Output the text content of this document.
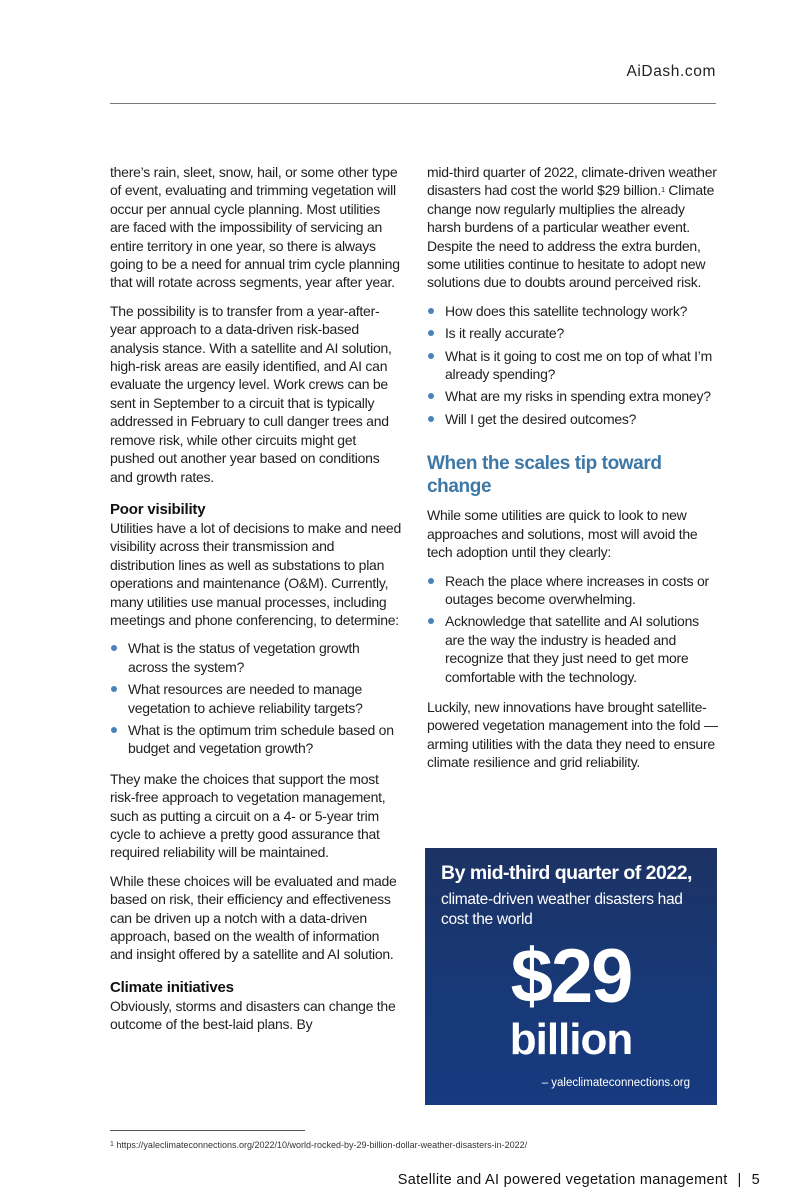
AiDash.com

there’s rain, sleet, snow, hail, or some other type of event, evaluating and trimming vegetation will occur per annual cycle planning. Most utilities are faced with the impossibility of servicing an entire territory in one year, so there is always going to be a need for annual trim cycle planning that will rotate across segments, year after year.

The possibility is to transfer from a year-after-year approach to a data-driven risk-based analysis stance. With a satellite and AI solution, high-risk areas are easily identified, and AI can evaluate the urgency level. Work crews can be sent in September to a circuit that is typically addressed in February to cull danger trees and remove risk, while other circuits might get pushed out another year based on conditions and growth rates.

Poor visibility

Utilities have a lot of decisions to make and need visibility across their transmission and distribution lines as well as substations to plan operations and maintenance (O&M). Currently, many utilities use manual processes, including meetings and phone conferencing, to determine:

What is the status of vegetation growth across the system?
What resources are needed to manage vegetation to achieve reliability targets?
What is the optimum trim schedule based on budget and vegetation growth?

They make the choices that support the most risk-free approach to vegetation management, such as putting a circuit on a 4- or 5-year trim cycle to achieve a pretty good assurance that required reliability will be maintained.

While these choices will be evaluated and made based on risk, their efficiency and effectiveness can be driven up a notch with a data-driven approach, based on the wealth of information and insight offered by a satellite and AI solution.

Climate initiatives

Obviously, storms and disasters can change the outcome of the best-laid plans. By

mid-third quarter of 2022, climate-driven weather disasters had cost the world $29 billion.$^1$ Climate change now regularly multiplies the already harsh burdens of a particular weather event. Despite the need to address the extra burden, some utilities continue to hesitate to adopt new solutions due to doubts around perceived risk.

How does this satellite technology work?
Is it really accurate?
What is it going to cost me on top of what I’m already spending?
What are my risks in spending extra money?
Will I get the desired outcomes?
When the scales tip toward change

While some utilities are quick to look to new approaches and solutions, most will avoid the tech adoption until they clearly:

Reach the place where increases in costs or outages become overwhelming.
Acknowledge that satellite and AI solutions are the way the industry is headed and recognize that they just need to get more comfortable with the technology.

Luckily, new innovations have brought satellite-powered vegetation management into the fold — arming utilities with the data they need to ensure climate resilience and grid reliability.

By mid-third quarter of 2022,
climate-driven weather disasters had cost the world
$29
billion
– yaleclimateconnections.org
$^1$ https://yaleclimateconnections.org/2022/10/world-rocked-by-29-billion-dollar-weather-disasters-in-2022/
Satellite and AI powered vegetation management | 5
